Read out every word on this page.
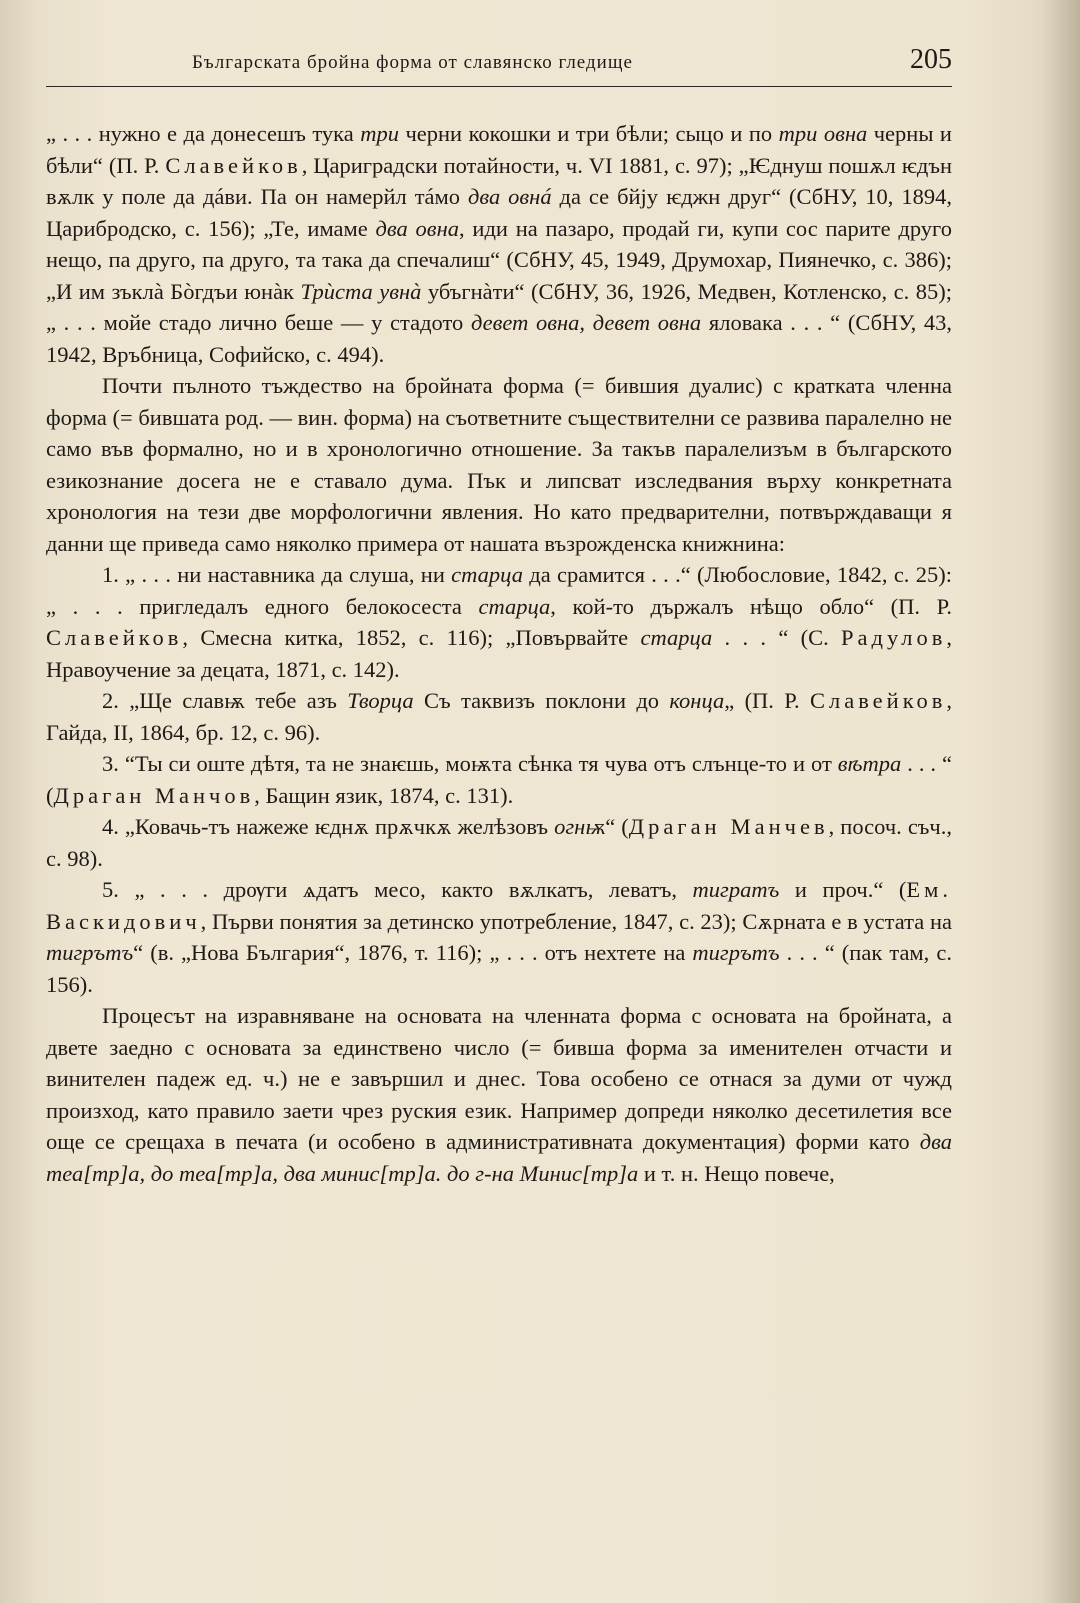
Българската бройна форма от славянско гледище	205

„ . . . нужно е да донесешъ тука три черни кокошки и три бѣли; сыцо и по три овна черны и бѣли“ (П. Р. Славейков, Цариградски потайности, ч. VI 1881, с. 97); „Ѥднуш пошѫл ѥдън вѫлк у поле да дáви. Па он намерйл тáмо два овнá да се бйју ѥджн друг“ (СбНУ, 10, 1894, Царибродско, с. 156); „Те, имаме два овна, иди на пазаро, продай ги, купи сос парите друго нещо, па друго, па друго, та така да спечалиш“ (СбНУ, 45, 1949, Друмохар, Пиянечко, с. 386); „И им зъклà Бòгдъи юнàк Трùста увнà убъгнàти“ (СбНУ, 36, 1926, Медвен, Котленско, с. 85); „ . . . мойе стадо лично беше — у стадото девет овна, девет овна яловака . . . “ (СбНУ, 43, 1942, Връбница, Софийско, с. 494).

Почти пълното тъждество на бройната форма (= бившия дуалис) с кратката членна форма (= бившата род. — вин. форма) на съответните съществителни се развива паралелно не само във формално, но и в хронологично отношение. За такъв паралелизъм в българското езикознание досега не е ставало дума. Пък и липсват изследвания върху конкретната хронология на тези две морфологични явления. Но като предварителни, потвърждаващи я данни ще приведа само няколко примера от нашата възрожденска книжнина:

1. „ . . . ни наставника да слуша, ни старца да срамится . . .“ (Любословие, 1842, с. 25): „ . . . пригледалъ едного белокосеста старца, кой-то държалъ нѣщо обло“ (П. Р. Славейков, Смесна китка, 1852, с. 116); „Повървайте старца . . . “ (С. Радулов, Нравоучение за децата, 1871, с. 142).

2. „Ще славѭ тебе азъ Творца Съ таквизъ поклони до конца„ (П. Р. Славейков, Гайда, II, 1864, бр. 12, с. 96).

3. “Ты си оште дѣтя, та не знаѥшь, моѭта сѣнка тя чува отъ слънце-то и от вѣтра . . . “ (Драган Манчов, Бащин язик, 1874, с. 131).

4. „Ковачь-тъ нажеже ѥднѫ прѫчкѫ желѣзовъ огнѭ“ (Драган Манчев, посоч. съч., с. 98).

5. „ . . . дрѹги ѧдатъ месо, както вѫлкатъ, леватъ, тигратъ и проч.“ (Ем. Васкидович, Първи понятия за детинско употребление, 1847, с. 23); Сѫрната е в устата на тигрътъ“ (в. „Нова България“, 1876, т. 116); „ . . . отъ нехтете на тигрътъ . . . “ (пак там, с. 156).

Процесът на изравняване на основата на членната форма с основата на бройната, а двете заедно с основата за единствено число (= бивша форма за именителен отчасти и винителен падеж ед. ч.) не е завършил и днес. Това особено се отнася за думи от чужд произход, като правило заети чрез руския език. Например допреди няколко десетилетия все още се срещаха в печата (и особено в административната документация) форми като два теа[тр]а, до теа[тр]а, два минис[тр]а. до г-на Минис[тр]а и т. н. Нещо повече,
